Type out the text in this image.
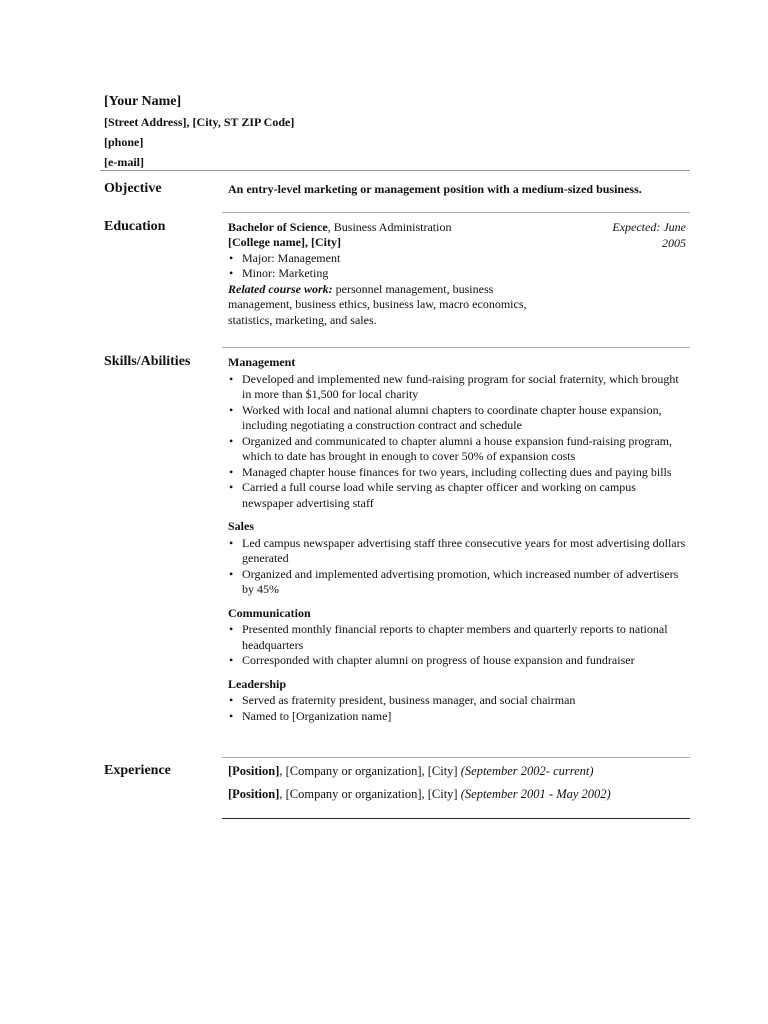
[Your Name]
[Street Address], [City, ST ZIP Code]
[phone]
[e-mail]
Objective	An entry-level marketing or management position with a medium-sized business.
Education	Bachelor of Science, Business Administration	Expected: June 2005
[College name], [City]
• Major: Management
• Minor: Marketing
Related course work: personnel management, business management, business ethics, business law, macro economics, statistics, marketing, and sales.
Skills/Abilities	Management
• Developed and implemented new fund-raising program for social fraternity, which brought in more than $1,500 for local charity
• Worked with local and national alumni chapters to coordinate chapter house expansion, including negotiating a construction contract and schedule
• Organized and communicated to chapter alumni a house expansion fund-raising program, which to date has brought in enough to cover 50% of expansion costs
• Managed chapter house finances for two years, including collecting dues and paying bills
• Carried a full course load while serving as chapter officer and working on campus newspaper advertising staff
Sales
• Led campus newspaper advertising staff three consecutive years for most advertising dollars generated
• Organized and implemented advertising promotion, which increased number of advertisers by 45%
Communication
• Presented monthly financial reports to chapter members and quarterly reports to national headquarters
• Corresponded with chapter alumni on progress of house expansion and fundraiser
Leadership
• Served as fraternity president, business manager, and social chairman
• Named to [Organization name]
Experience	[Position], [Company or organization], [City] (September 2002- current)
[Position], [Company or organization], [City] (September 2001 - May 2002)
